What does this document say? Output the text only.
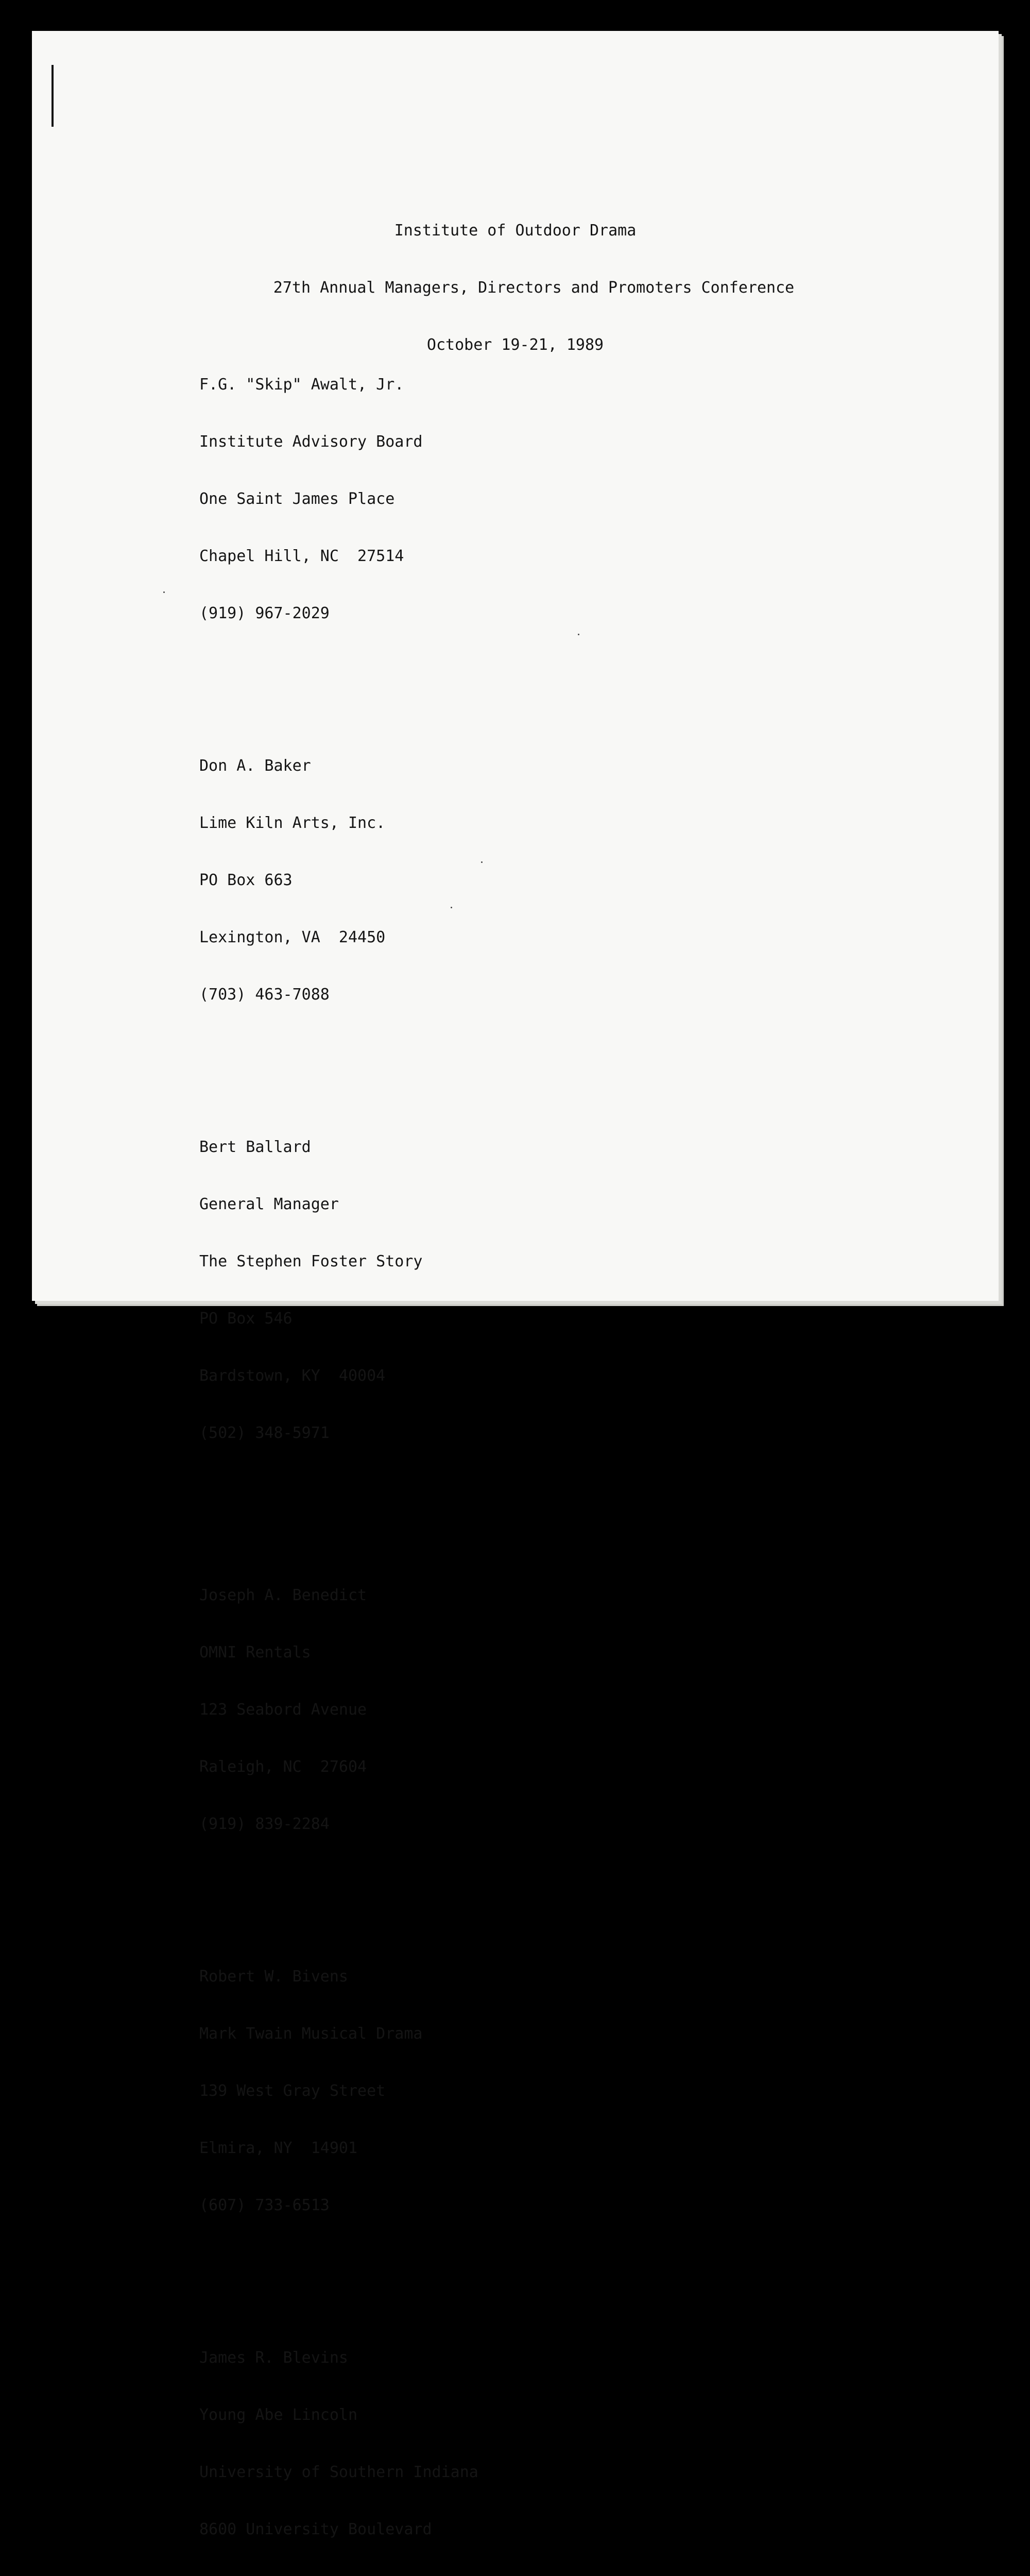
Institute of Outdoor Drama

27th Annual Managers, Directors and Promoters Conference

October 19-21, 1989

F.G. "Skip" Awalt, Jr.

Institute Advisory Board

One Saint James Place

Chapel Hill, NC  27514

(919) 967-2029

Don A. Baker

Lime Kiln Arts, Inc.

PO Box 663

Lexington, VA  24450

(703) 463-7088

Bert Ballard

General Manager

The Stephen Foster Story

PO Box 546

Bardstown, KY  40004

(502) 348-5971

Joseph A. Benedict

OMNI Rentals

123 Seabord Avenue

Raleigh, NC  27604

(919) 839-2284

Robert W. Bivens

Mark Twain Musical Drama

139 West Gray Street

Elmira, NY  14901

(607) 733-6513

James R. Blevins

Young Abe Lincoln

University of Southern Indiana

8600 University Boulevard
